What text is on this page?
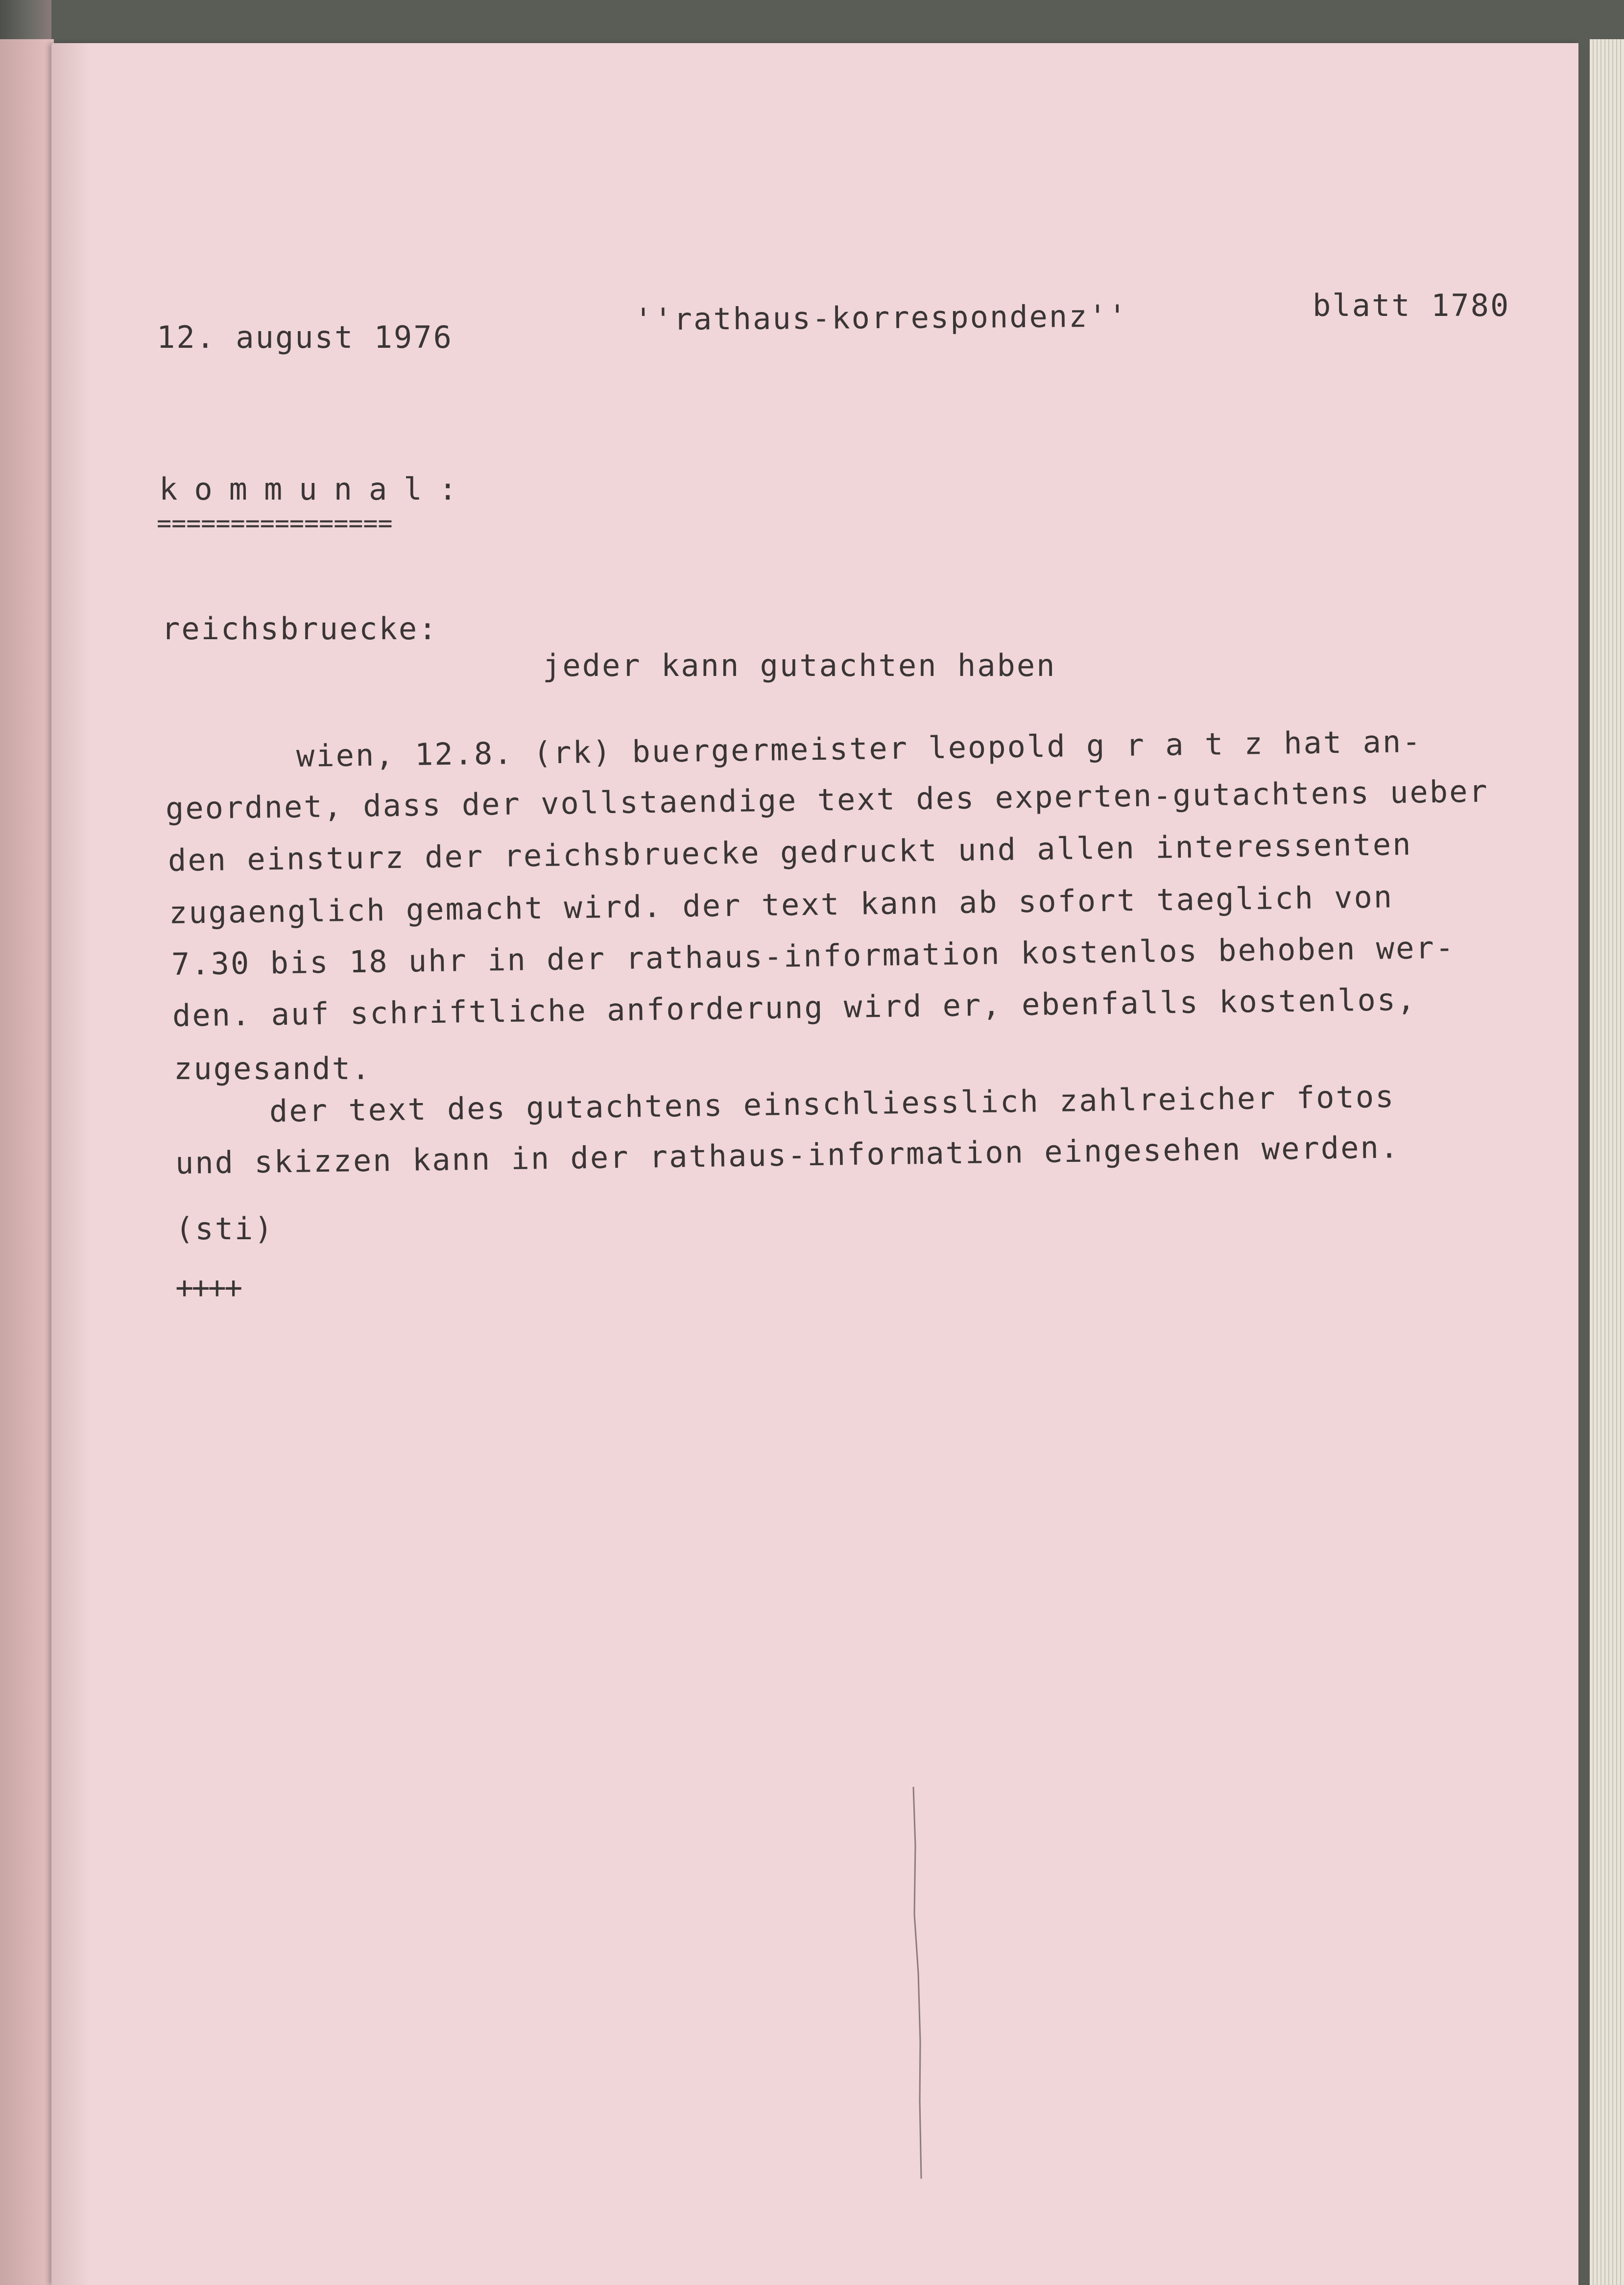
12. august 1976	''rathaus-korrespondenz''	blatt 1780
kommunal:
================
reichsbruecke:
jeder kann gutachten haben
wien, 12.8. (rk) buergermeister leopold g r a t z hat an-
geordnet, dass der vollstaendige text des experten-gutachtens ueber
den einsturz der reichsbruecke gedruckt und allen interessenten
zugaenglich gemacht wird. der text kann ab sofort taeglich von
7.30 bis 18 uhr in der rathaus-information kostenlos behoben wer-
den. auf schriftliche anforderung wird er, ebenfalls kostenlos,
zugesandt.
der text des gutachtens einschliesslich zahlreicher fotos
und skizzen kann in der rathaus-information eingesehen werden.
(sti)
++++
